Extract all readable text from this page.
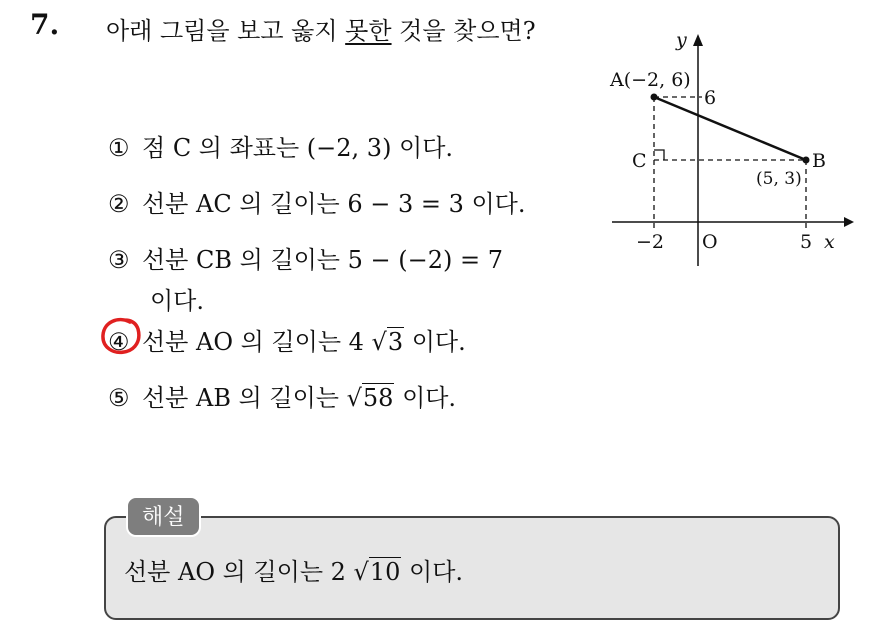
7. 아래 그림을 보고 옳지 못한 것을 찾으면?
① 점 C 의 좌표는 (−2, 3) 이다.
② 선분 AC 의 길이는 6 − 3 = 3 이다.
③ 선분 CB 의 길이는 5 − (−2) = 7
이다.
④ 선분 AO 의 길이는 4 √3 이다.
⑤ 선분 AB 의 길이는 √58 이다.
y
x
O
A(−2, 6)
B
(5, 3)
C
6
−2	5
해설
선분 AO 의 길이는 2 √10 이다.
